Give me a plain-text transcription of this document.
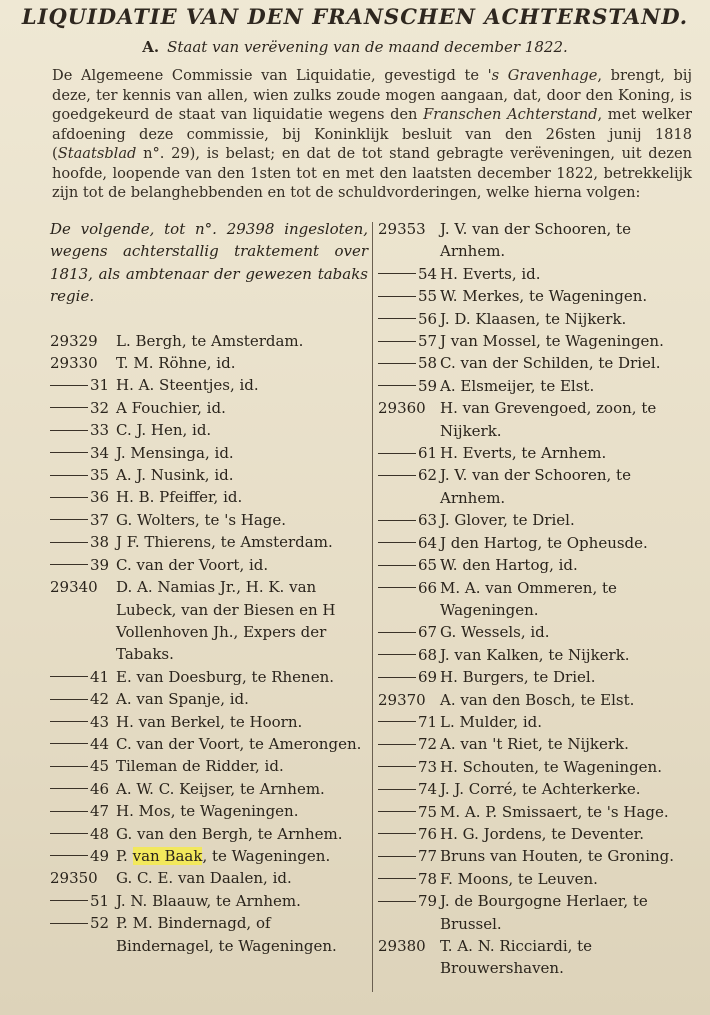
LIQUIDATIE VAN DEN FRANSCHEN ACHTERSTAND.
A. Staat van verëvening van de maand december 1822.
De Algemeene Commissie van Liquidatie, gevestigd te 's Gravenhage, brengt, bij deze, ter kennis van allen, wien zulks zoude mogen aangaan, dat, door den Koning, is goedgekeurd de staat van liquidatie wegens den Franschen Achterstand, met welker afdoening deze commissie, bij Koninklijk besluit van den 26sten junij 1818 (Staatsblad n°. 29), is belast; en dat de tot stand gebragte verëveningen, uit dezen hoofde, loopende van den 1sten tot en met den laatsten december 1822, betrekkelijk zijn tot de belanghebbenden en tot de schuldvorderingen, welke hierna volgen:
De volgende, tot n°. 29398 ingesloten, wegens achterstallig traktement over 1813, als ambtenaar der gewezen tabaks regie.
29329	L. Bergh, te Amsterdam.
29330	T. M. Röhne, id.
31 H. A. Steentjes, id.
32 A Fouchier, id.
33 C. J. Hen, id.
34 J. Mensinga, id.
35 A. J. Nusink, id.
36 H. B. Pfeiffer, id.
37 G. Wolters, te 's Hage.
38 J F. Thierens, te Amsterdam.
39 C. van der Voort, id.
29340	D. A. Namias Jr., H. K. van Lubeck, van der Biesen en H Vollenhoven Jh., Expers der Tabaks.
41 E. van Doesburg, te Rhenen.
42 A. van Spanje, id.
43 H. van Berkel, te Hoorn.
44 C. van der Voort, te Amerongen.
45 Tileman de Ridder, id.
46 A. W. C. Keijser, te Arnhem.
47 H. Mos, te Wageningen.
48 G. van den Bergh, te Arnhem.
49 P. van Baak, te Wageningen.
29350	G. C. E. van Daalen, id.
51 J. N. Blaauw, te Arnhem.
52 P. M. Bindernagd, of Bindernagel, te Wageningen.
29353 J. V. van der Schooren, te Arnhem.
54 H. Everts, id.
55 W. Merkes, te Wageningen.
56 J. D. Klaasen, te Nijkerk.
57 J van Mossel, te Wageningen.
58 C. van der Schilden, te Driel.
59 A. Elsmeijer, te Elst.
29360 H. van Grevengoed, zoon, te Nijkerk.
61 H. Everts, te Arnhem.
62 J. V. van der Schooren, te Arnhem.
63 J. Glover, te Driel.
64 J den Hartog, te Opheusde.
65 W. den Hartog, id.
66 M. A. van Ommeren, te Wageningen.
67 G. Wessels, id.
68 J. van Kalken, te Nijkerk.
69 H. Burgers, te Driel.
29370 A. van den Bosch, te Elst.
71 L. Mulder, id.
72 A. van 't Riet, te Nijkerk.
73 H. Schouten, te Wageningen.
74 J. J. Corré, te Achterkerke.
75 M. A. P. Smissaert, te 's Hage.
76 H. G. Jordens, te Deventer.
77 Bruns van Houten, te Groning.
78 F. Moons, te Leuven.
79 J. de Bourgogne Herlaer, te Brussel.
29380 T. A. N. Ricciardi, te Brouwershaven.
